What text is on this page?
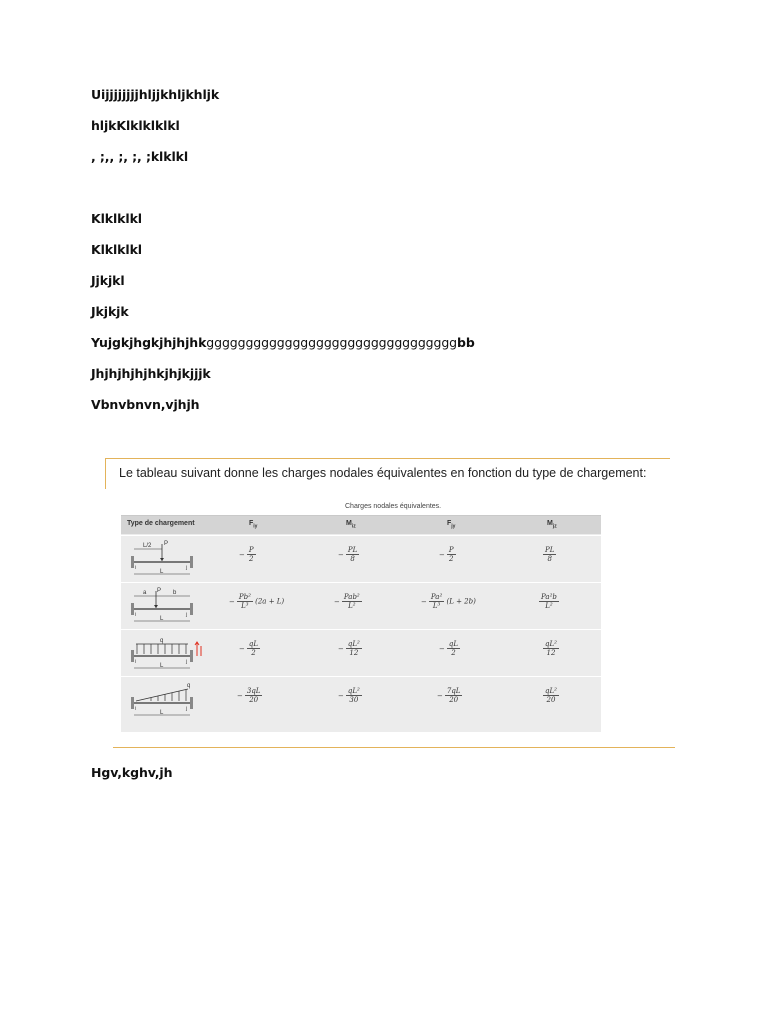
Uijjjjjjjjhljjkhljkhljk
hljkKlklklklkl
, ;,, ;, ;, ;klklkl
Klklklkl
Klklklkl
Jjkjkl
Jkjkjk
Yujgkjhgkjhjhjhkggggggggggggggggggggggggggggggggbb
Jhjhjhjhjhkjhjkjjjk
Vbnvbnvn,vjhjh
Le tableau suivant donne les charges nodales équivalentes en fonction du type de chargement:
Charges nodales équivalentes.
Type de chargement	$F_{iy}$	$M_{iz}$	$F_{jy}$	$M_{jz}$
L/2 P
L
i	j
− $\frac{P}{2}$	− $\frac{PL}{8}$	− $\frac{P}{2}$	$\frac{PL}{8}$
a P b
L
i	j
− $\frac{\text{Pb²}}{\text{L³}} (2a + L)$	− $\frac{\text{Pab²}}{\text{L²}}$	− $\frac{\text{Pa²}}{\text{L³}} (L + 2b)$	$\frac{\text{Pa²b}}{\text{L²}}$
q
L
i	j
− $\frac{qL}{2}$	− $\frac{\text{qL²}}{12}$	− $\frac{qL}{2}$	$\frac{\text{qL²}}{12}$
q
L
i	j
− $\frac{3qL}{20}$	− $\frac{\text{qL²}}{30}$	− $\frac{7qL}{20}$	$\frac{\text{qL²}}{20}$
Hgv,kghv,jh
